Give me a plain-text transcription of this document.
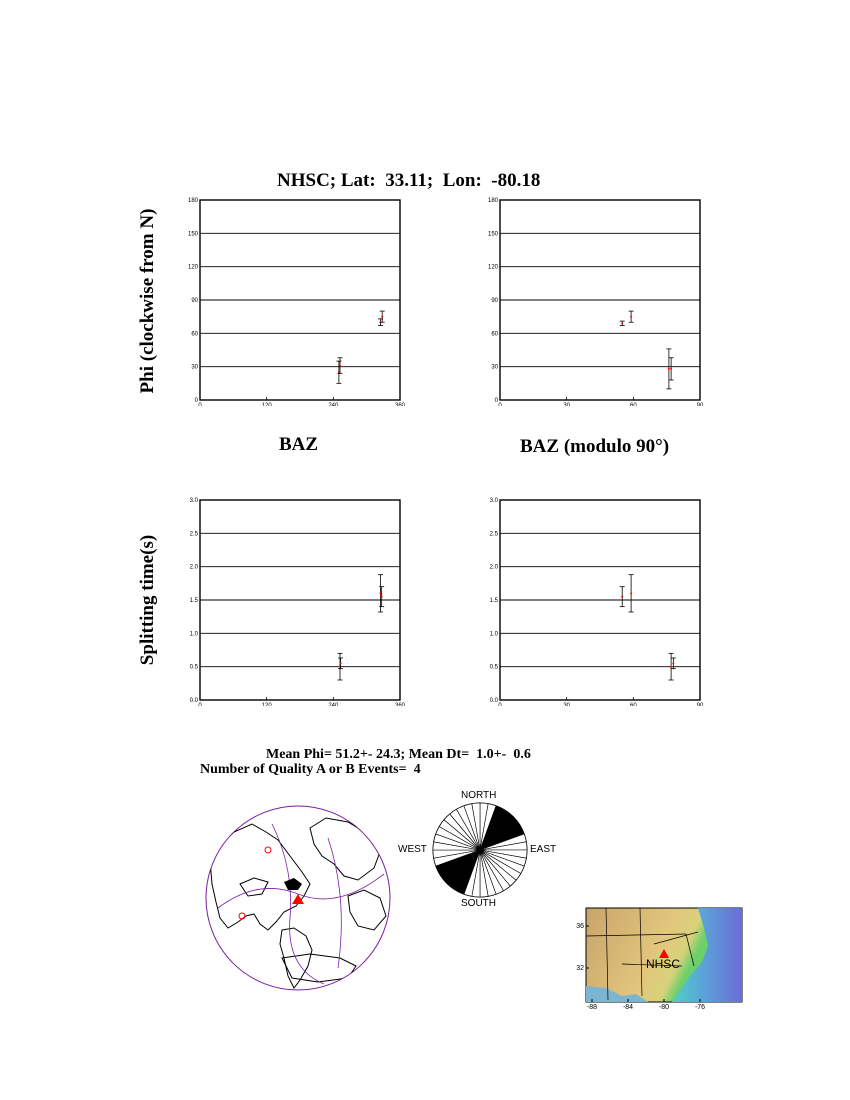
NHSC; Lat:  33.11;  Lon:  -80.18
Phi (clockwise from N)
Splitting time(s)
BAZ	BAZ (modulo 90°)
0
30
60
90
120
150
180
0	120	240	360
0
30
60
90
120
150
180
0	30	60	90
0.0
0.5
1.0
1.5
2.0
2.5
3.0
0	120	240	360
0.0
0.5
1.0
1.5
2.0
2.5
3.0
0	30	60	90
Mean Phi= 51.2+- 24.3; Mean Dt=  1.0+-  0.6
Number of Quality A or B Events=  4
NORTH
SOUTH
WEST	EAST
36
32
-88	-84	-80	-76
NHSC
